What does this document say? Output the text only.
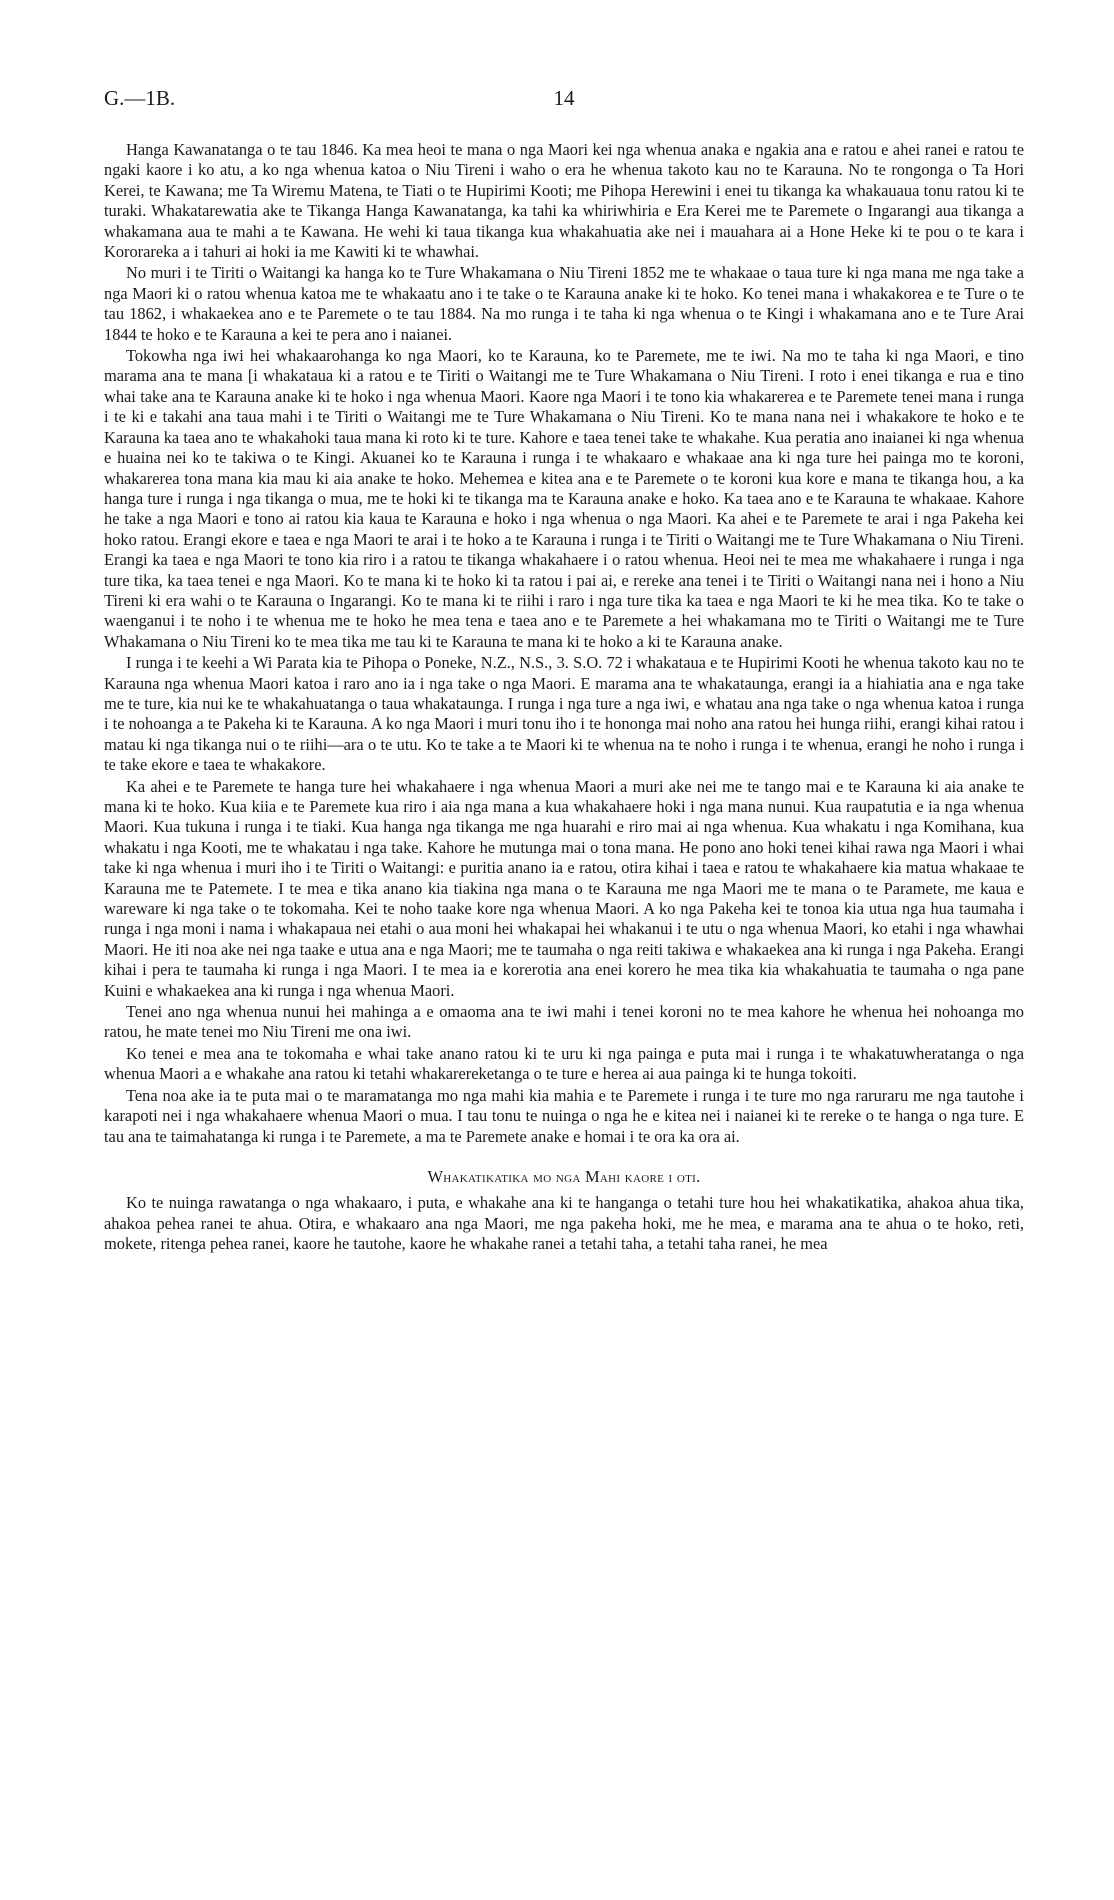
G.—1B.	14

Hanga Kawanatanga o te tau 1846. Ka mea heoi te mana o nga Maori kei nga whenua anaka e ngakia ana e ratou e ahei ranei e ratou te ngaki kaore i ko atu, a ko nga whenua katoa o Niu Tireni i waho o era he whenua takoto kau no te Karauna. No te rongonga o Ta Hori Kerei, te Kawana; me Ta Wiremu Matena, te Tiati o te Hupirimi Kooti; me Pihopa Herewini i enei tu tikanga ka whakauaua tonu ratou ki te turaki. Whakatarewatia ake te Tikanga Hanga Kawanatanga, ka tahi ka whiriwhiria e Era Kerei me te Paremete o Ingarangi aua tikanga a whakamana aua te mahi a te Kawana. He wehi ki taua tikanga kua whakahuatia ake nei i mauahara ai a Hone Heke ki te pou o te kara i Kororareka a i tahuri ai hoki ia me Kawiti ki te whawhai.

No muri i te Tiriti o Waitangi ka hanga ko te Ture Whakamana o Niu Tireni 1852 me te whakaae o taua ture ki nga mana me nga take a nga Maori ki o ratou whenua katoa me te whakaatu ano i te take o te Karauna anake ki te hoko. Ko tenei mana i whakakorea e te Ture o te tau 1862, i whakaekea ano e te Paremete o te tau 1884. Na mo runga i te taha ki nga whenua o te Kingi i whakamana ano e te Ture Arai 1844 te hoko e te Karauna a kei te pera ano i naianei.

Tokowha nga iwi hei whakaarohanga ko nga Maori, ko te Karauna, ko te Paremete, me te iwi. Na mo te taha ki nga Maori, e tino marama ana te mana [i whakataua ki a ratou e te Tiriti o Waitangi me te Ture Whakamana o Niu Tireni. I roto i enei tikanga e rua e tino whai take ana te Karauna anake ki te hoko i nga whenua Maori. Kaore nga Maori i te tono kia whakarerea e te Paremete tenei mana i runga i te ki e takahi ana taua mahi i te Tiriti o Waitangi me te Ture Whakamana o Niu Tireni. Ko te mana nana nei i whakakore te hoko e te Karauna ka taea ano te whakahoki taua mana ki roto ki te ture. Kahore e taea tenei take te whakahe. Kua peratia ano inaianei ki nga whenua e huaina nei ko te takiwa o te Kingi. Akuanei ko te Karauna i runga i te whakaaro e whakaae ana ki nga ture hei painga mo te koroni, whakarerea tona mana kia mau ki aia anake te hoko. Mehemea e kitea ana e te Paremete o te koroni kua kore e mana te tikanga hou, a ka hanga ture i runga i nga tikanga o mua, me te hoki ki te tikanga ma te Karauna anake e hoko. Ka taea ano e te Karauna te whakaae. Kahore he take a nga Maori e tono ai ratou kia kaua te Karauna e hoko i nga whenua o nga Maori. Ka ahei e te Paremete te arai i nga Pakeha kei hoko ratou. Erangi ekore e taea e nga Maori te arai i te hoko a te Karauna i runga i te Tiriti o Waitangi me te Ture Whakamana o Niu Tireni. Erangi ka taea e nga Maori te tono kia riro i a ratou te tikanga whakahaere i o ratou whenua. Heoi nei te mea me whakahaere i runga i nga ture tika, ka taea tenei e nga Maori. Ko te mana ki te hoko ki ta ratou i pai ai, e rereke ana tenei i te Tiriti o Waitangi nana nei i hono a Niu Tireni ki era wahi o te Karauna o Ingarangi. Ko te mana ki te riihi i raro i nga ture tika ka taea e nga Maori te ki he mea tika. Ko te take o waenganui i te noho i te whenua me te hoko he mea tena e taea ano e te Paremete a hei whakamana mo te Tiriti o Waitangi me te Ture Whakamana o Niu Tireni ko te mea tika me tau ki te Karauna te mana ki te hoko a ki te Karauna anake.

I runga i te keehi a Wi Parata kia te Pihopa o Poneke, N.Z., N.S., 3. S.O. 72 i whakataua e te Hupirimi Kooti he whenua takoto kau no te Karauna nga whenua Maori katoa i raro ano ia i nga take o nga Maori. E marama ana te whakataunga, erangi ia a hiahiatia ana e nga take me te ture, kia nui ke te whakahuatanga o taua whakataunga. I runga i nga ture a nga iwi, e whatau ana nga take o nga whenua katoa i runga i te nohoanga a te Pakeha ki te Karauna. A ko nga Maori i muri tonu iho i te hononga mai noho ana ratou hei hunga riihi, erangi kihai ratou i matau ki nga tikanga nui o te riihi—ara o te utu. Ko te take a te Maori ki te whenua na te noho i runga i te whenua, erangi he noho i runga i te take ekore e taea te whakakore.

Ka ahei e te Paremete te hanga ture hei whakahaere i nga whenua Maori a muri ake nei me te tango mai e te Karauna ki aia anake te mana ki te hoko. Kua kiia e te Paremete kua riro i aia nga mana a kua whakahaere hoki i nga mana nunui. Kua raupatutia e ia nga whenua Maori. Kua tukuna i runga i te tiaki. Kua hanga nga tikanga me nga huarahi e riro mai ai nga whenua. Kua whakatu i nga Komihana, kua whakatu i nga Kooti, me te whakatau i nga take. Kahore he mutunga mai o tona mana. He pono ano hoki tenei kihai rawa nga Maori i whai take ki nga whenua i muri iho i te Tiriti o Waitangi: e puritia anano ia e ratou, otira kihai i taea e ratou te whakahaere kia matua whakaae te Karauna me te Patemete. I te mea e tika anano kia tiakina nga mana o te Karauna me nga Maori me te mana o te Paramete, me kaua e wareware ki nga take o te tokomaha. Kei te noho taake kore nga whenua Maori. A ko nga Pakeha kei te tonoa kia utua nga hua taumaha i runga i nga moni i nama i whakapaua nei etahi o aua moni hei whakapai hei whakanui i te utu o nga whenua Maori, ko etahi i nga whawhai Maori. He iti noa ake nei nga taake e utua ana e nga Maori; me te taumaha o nga reiti takiwa e whakaekea ana ki runga i nga Pakeha. Erangi kihai i pera te taumaha ki runga i nga Maori. I te mea ia e korerotia ana enei korero he mea tika kia whakahuatia te taumaha o nga pane Kuini e whakaekea ana ki runga i nga whenua Maori.

Tenei ano nga whenua nunui hei mahinga a e omaoma ana te iwi mahi i tenei koroni no te mea kahore he whenua hei nohoanga mo ratou, he mate tenei mo Niu Tireni me ona iwi.

Ko tenei e mea ana te tokomaha e whai take anano ratou ki te uru ki nga painga e puta mai i runga i te whakatuwheratanga o nga whenua Maori a e whakahe ana ratou ki tetahi whakarereketanga o te ture e herea ai aua painga ki te hunga tokoiti.

Tena noa ake ia te puta mai o te maramatanga mo nga mahi kia mahia e te Paremete i runga i te ture mo nga raruraru me nga tautohe i karapoti nei i nga whakahaere whenua Maori o mua. I tau tonu te nuinga o nga he e kitea nei i naianei ki te rereke o te hanga o nga ture. E tau ana te taimahatanga ki runga i te Paremete, a ma te Paremete anake e homai i te ora ka ora ai.

Whakatikatika mo nga Mahi kaore i oti.

Ko te nuinga rawatanga o nga whakaaro, i puta, e whakahe ana ki te hanganga o tetahi ture hou hei whakatikatika, ahakoa ahua tika, ahakoa pehea ranei te ahua. Otira, e whakaaro ana nga Maori, me nga pakeha hoki, me he mea, e marama ana te ahua o te hoko, reti, mokete, ritenga pehea ranei, kaore he tautohe, kaore he whakahe ranei a tetahi taha, a tetahi taha ranei, he mea
